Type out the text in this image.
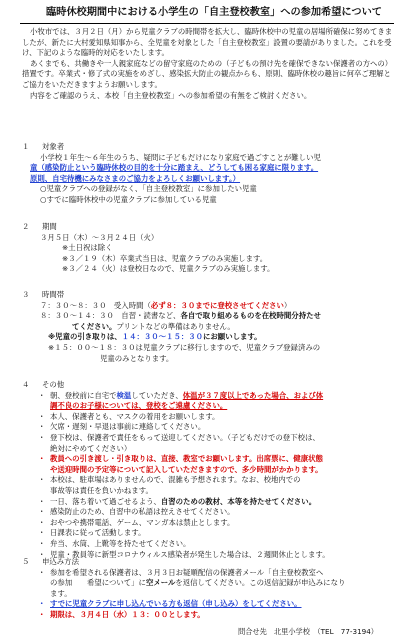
臨時休校期間中における小学生の「自主登校教室」への参加希望について

小牧市では、３月２日（月）から児童クラブの時間帯を拡大し、臨時休校中の児童の居場所確保に努めてきましたが、新たに大村愛知県知事から、全児童を対象とした「自主登校教室」設置の要請がありました。これを受け、下記のような臨時的対応をいたします。

あくまでも、共働きや一人親家庭などの留守家庭のための（子どもの預け先を確保できない保護者の方への）措置です。卒業式・修了式の実施をめざし、感染拡大防止の観点からも、原則、臨時休校の趣旨に何卒ご理解とご協力をいただきますようお願いします。

内容をご確認のうえ、本校「自主登校教室」への参加希望の有無をご検討ください。

１	対象者
小学校１年生～６年生のうち、疑問に子どもだけになり家庭で過ごすことが難しい児
童（感染防止という臨時休校の目的を十分に踏まえ、どうしても困る家庭に限ります。
原則、自宅待機にみなさまのご協力をよろしくお願いします。）
○児童クラブへの登録がなく、「自主登校教室」に参加したい児童
○すでに臨時休校中の児童クラブに参加している児童
２	期間
３月５日（木）～３月２４日（火）
※土日祝は除く
※３／１９（木）卒業式当日は、児童クラブのみ実施します。
※３／２４（火）は登校日なので、児童クラブのみ実施します。
３	時間帯
７：３０～８：３０　受入時間（必ず８：３０までに登校させてください）
８：３０～１４：３０　自習・読書など、各自で取り組めるものを在校時間分持たせ
てください。プリントなどの準備はありません。
※児童の引き取りは、１４：３０～１５：３０にお願いします。
※１５：００～１８：３０は児童クラブに移行しますので、児童クラブ登録済みの
児童のみとなります。
４	その他
・ 朝、登校前に自宅で検温していただき、体温が３７度以上であった場合、および体
調不良のお子様については、登校をご遠慮ください。
・ 本人、保護者とも、マスクの着用をお願いします。
・ 欠席・遅刻・早退は事前に連絡してください。
・ 登下校は、保護者で責任をもって送迎してください。（子どもだけでの登下校は、
絶対にやめてください）
・ 教員への引き渡し・引き取りは、直接、教室でお願いします。出席票に、健康状態
や送迎時間の予定等について記入していただきますので、多少時間がかかります。
・ 本校は、駐車場はありませんので、混雑も予想されます。なお、校地内での
事故等は責任を負いかねます。
・ 一日、落ち着いて過ごせるよう、自習のための教材、本等を持たせてください。
・ 感染防止のため、自習中の私語は控えさせてください。
・ おやつや携帯電話、ゲーム、マンガ本は禁止とします。
・ 日課表に従って活動します。
・ 弁当、水筒、上靴等を持たせてください。
・ 児童・教員等に新型コロナウィルス感染者が発生した場合は、２週間休止とします。
５	申込み方法
・ 参加を希望される保護者は、３月３日お疑順配信の保護者メール「自主登校教室へ
の参加　　希望について」に空メールを返信してください。この返信記録が申込みになり
ます。
・ すでに児童クラブに申し込んでいる方も返信（申し込み）をしてください。
・ 期限は、３月４日（水）１３：００とします。
問合せ先　北里小学校　（TEL　77-3194）
